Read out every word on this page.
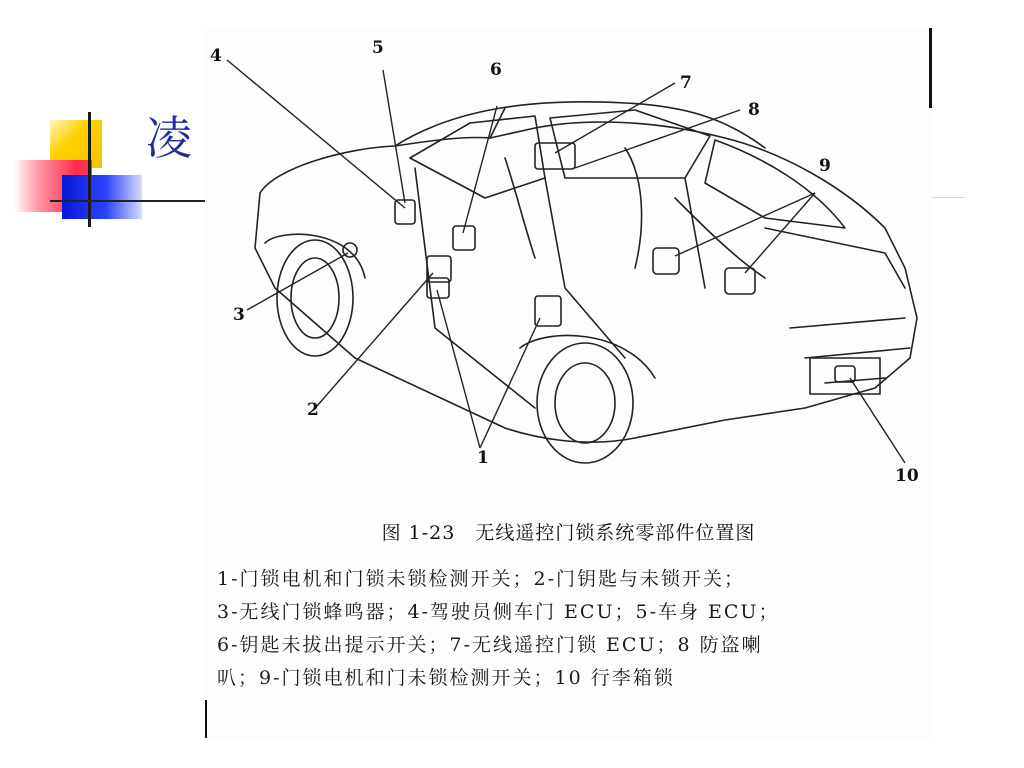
凌
4	5
6
7
8
9
3
2
1
10
图 1-23　无线遥控门锁系统零部件位置图
1-门锁电机和门锁未锁检测开关；2-门钥匙与未锁开关；
3-无线门锁蜂鸣器；4-驾驶员侧车门 ECU；5-车身 ECU；
6-钥匙未拔出提示开关；7-无线遥控门锁 ECU；8 防盗喇
叭；9-门锁电机和门未锁检测开关；10 行李箱锁
